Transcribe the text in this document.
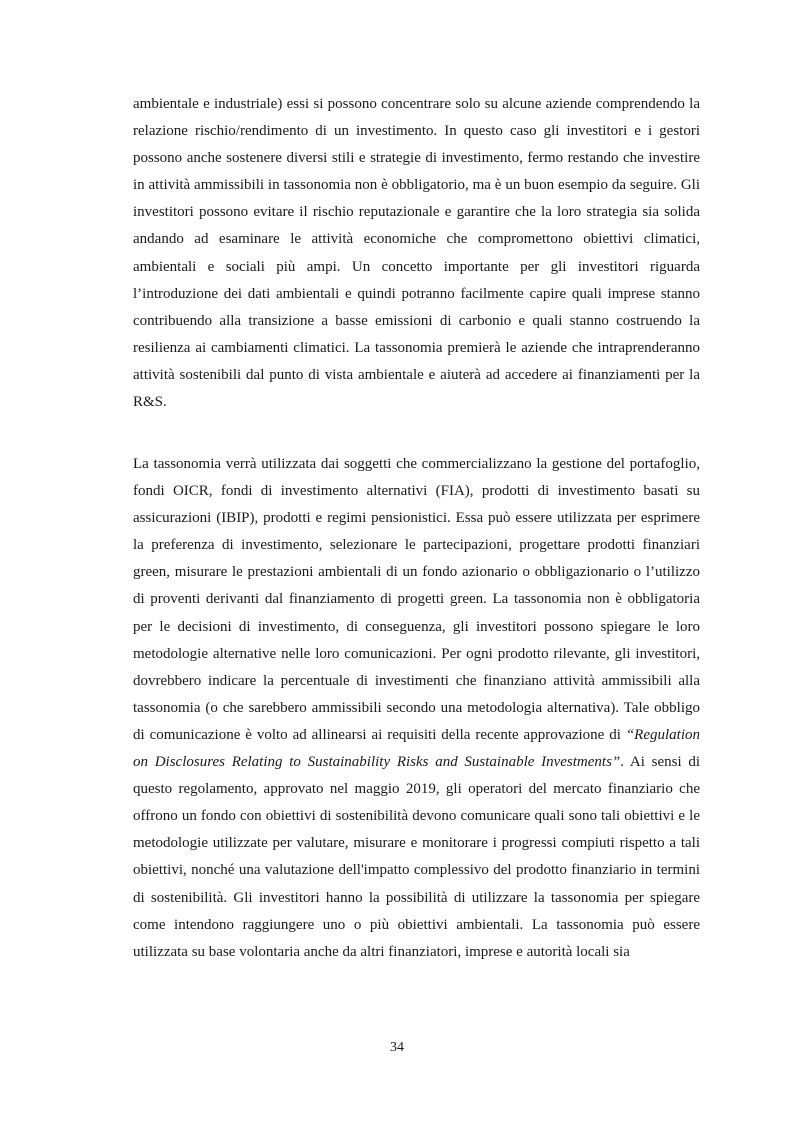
ambientale e industriale) essi si possono concentrare solo su alcune aziende comprendendo la relazione rischio/rendimento di un investimento. In questo caso gli investitori e i gestori possono anche sostenere diversi stili e strategie di investimento, fermo restando che investire in attività ammissibili in tassonomia non è obbligatorio, ma è un buon esempio da seguire. Gli investitori possono evitare il rischio reputazionale e garantire che la loro strategia sia solida andando ad esaminare le attività economiche che compromettono obiettivi climatici, ambientali e sociali più ampi. Un concetto importante per gli investitori riguarda l’introduzione dei dati ambientali e quindi potranno facilmente capire quali imprese stanno contribuendo alla transizione a basse emissioni di carbonio e quali stanno costruendo la resilienza ai cambiamenti climatici. La tassonomia premierà le aziende che intraprenderanno attività sostenibili dal punto di vista ambientale e aiuterà ad accedere ai finanziamenti per la R&S.

La tassonomia verrà utilizzata dai soggetti che commercializzano la gestione del portafoglio, fondi OICR, fondi di investimento alternativi (FIA), prodotti di investimento basati su assicurazioni (IBIP), prodotti e regimi pensionistici. Essa può essere utilizzata per esprimere la preferenza di investimento, selezionare le partecipazioni, progettare prodotti finanziari green, misurare le prestazioni ambientali di un fondo azionario o obbligazionario o l’utilizzo di proventi derivanti dal finanziamento di progetti green. La tassonomia non è obbligatoria per le decisioni di investimento, di conseguenza, gli investitori possono spiegare le loro metodologie alternative nelle loro comunicazioni. Per ogni prodotto rilevante, gli investitori, dovrebbero indicare la percentuale di investimenti che finanziano attività ammissibili alla tassonomia (o che sarebbero ammissibili secondo una metodologia alternativa). Tale obbligo di comunicazione è volto ad allinearsi ai requisiti della recente approvazione di “Regulation on Disclosures Relating to Sustainability Risks and Sustainable Investments”. Ai sensi di questo regolamento, approvato nel maggio 2019, gli operatori del mercato finanziario che offrono un fondo con obiettivi di sostenibilità devono comunicare quali sono tali obiettivi e le metodologie utilizzate per valutare, misurare e monitorare i progressi compiuti rispetto a tali obiettivi, nonché una valutazione dell'impatto complessivo del prodotto finanziario in termini di sostenibilità. Gli investitori hanno la possibilità di utilizzare la tassonomia per spiegare come intendono raggiungere uno o più obiettivi ambientali. La tassonomia può essere utilizzata su base volontaria anche da altri finanziatori, imprese e autorità locali sia

34
